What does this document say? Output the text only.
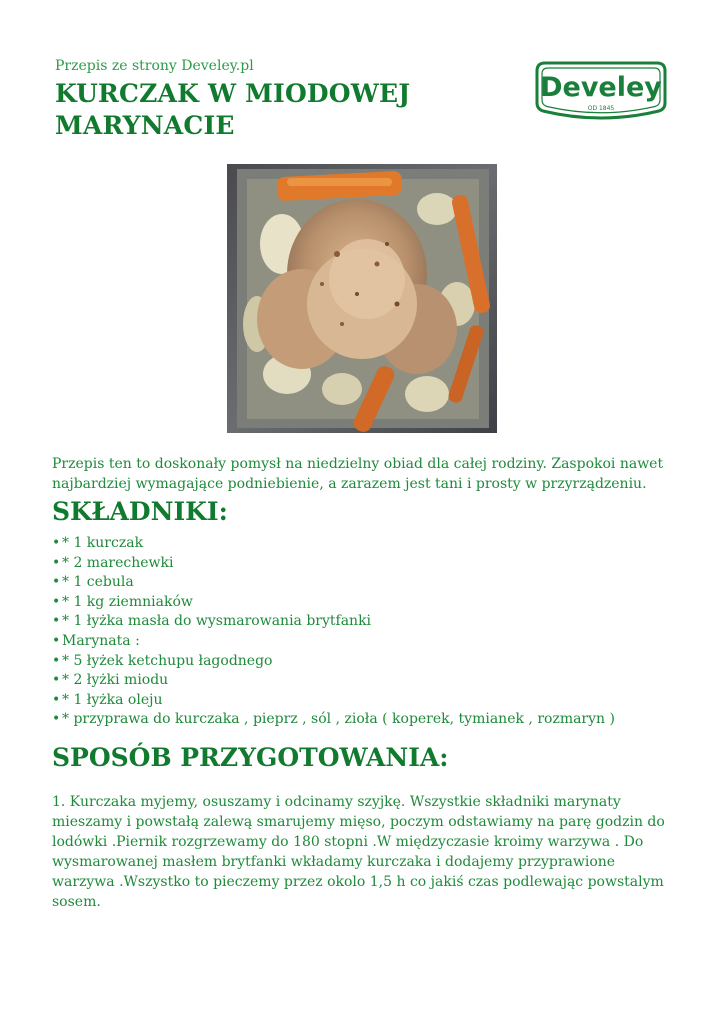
Przepis ze strony Develey.pl
KURCZAK W MIODOWEJ MARYNACIE
Develey
OD 1845

Przepis ten to doskonały pomysł na niedzielny obiad dla całej rodziny. Zaspokoi nawet najbardziej wymagające podniebienie, a zarazem jest tani i prosty w przyrządzeniu.

SKŁADNIKI:
• * 1 kurczak
• * 2 marechewki
• * 1 cebula
• * 1 kg ziemniaków
• * 1 łyżka masła do wysmarowania brytfanki
• Marynata :
• * 5 łyżek ketchupu łagodnego
• * 2 łyżki miodu
• * 1 łyżka oleju
• * przyprawa do kurczaka , pieprz , sól , zioła ( koperek, tymianek , rozmaryn )
SPOSÓB PRZYGOTOWANIA:

1. Kurczaka myjemy, osuszamy i odcinamy szyjkę. Wszystkie składniki marynaty mieszamy i powstałą zalewą smarujemy mięso, poczym odstawiamy na parę godzin do lodówki .Piernik rozgrzewamy do 180 stopni .W międzyczasie kroimy warzywa . Do wysmarowanej masłem brytfanki wkładamy kurczaka i dodajemy przyprawione warzywa .Wszystko to pieczemy przez okolo 1,5 h co jakiś czas podlewając powstalym sosem.
